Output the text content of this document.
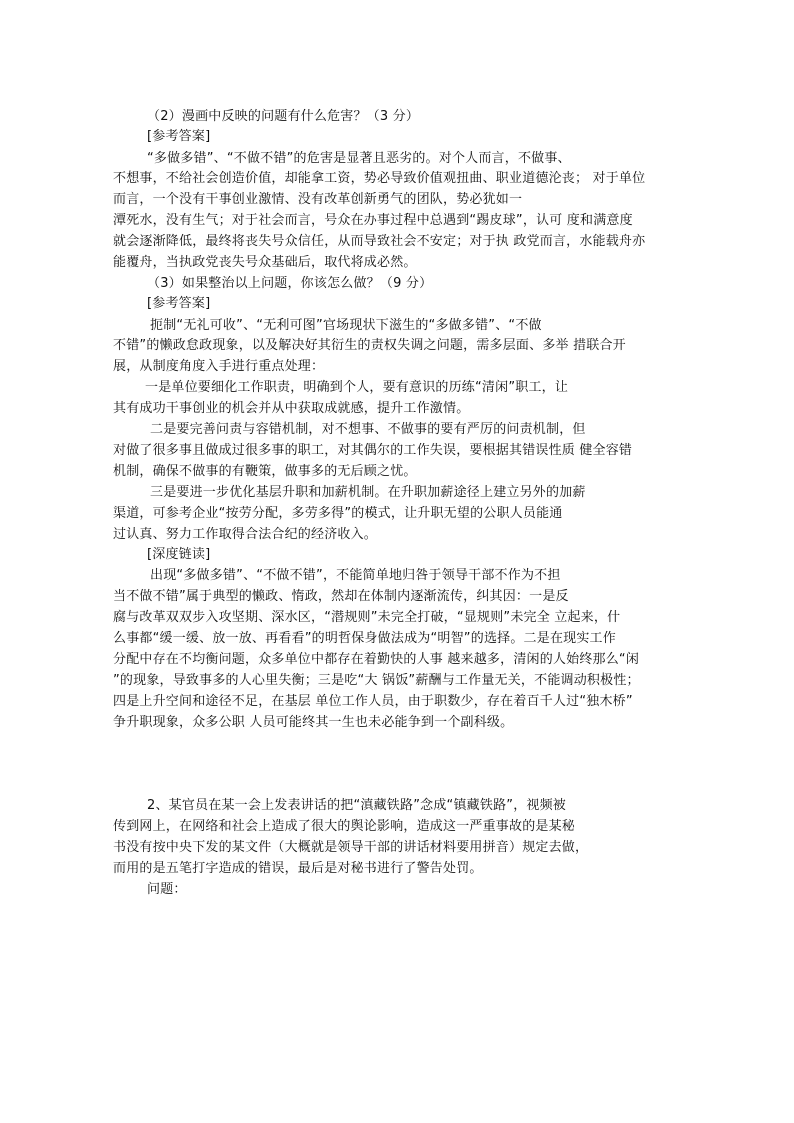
（2）漫画中反映的问题有什么危害？（3 分）
[参考答案]
“多做多错”、“不做不错”的危害是显著且恶劣的。对个人而言，不做事、
不想事，不给社会创造价值，却能拿工资，势必导致价值观扭曲、职业道德沦丧； 对于单位
而言，一个没有干事创业激情、没有改革创新勇气的团队，势必犹如一
潭死水，没有生气；对于社会而言，号众在办事过程中总遇到“踢皮球”，认可 度和满意度
就会逐渐降低，最终将丧失号众信任，从而导致社会不安定；对于执 政党而言，水能载舟亦
能覆舟，当执政党丧失号众基础后，取代将成必然。
（3）如果整治以上问题，你该怎么做？（9 分）
[参考答案]
扼制“无礼可收”、“无利可图”官场现状下滋生的“多做多错”、“不做
不错”的懒政怠政现象，以及解决好其衍生的责权失调之问题，需多层面、多举 措联合开
展，从制度角度入手进行重点处理：
一是单位要细化工作职责，明确到个人，要有意识的历练“清闲”职工，让
其有成功干事创业的机会并从中获取成就感，提升工作激情。
二是要完善问责与容错机制，对不想事、不做事的要有严厉的问责机制，但
对做了很多事且做成过很多事的职工，对其偶尔的工作失误，要根据其错误性质 健全容错
机制，确保不做事的有鞭策，做事多的无后顾之忧。
三是要进一步优化基层升职和加薪机制。在升职加薪途径上建立另外的加薪
渠道，可参考企业“按劳分配，多劳多得”的模式，让升职无望的公职人员能通
过认真、努力工作取得合法合纪的经济收入。
[深度链读]
出现“多做多错”、“不做不错”，不能简单地归咎于领导干部不作为不担
当不做不错”属于典型的懒政、惰政，然却在体制内逐渐流传，纠其因：一是反
腐与改革双双步入攻坚期、深水区，“潜规则”未完全打破，“显规则”未完全 立起来，什
么事都“缓一缓、放一放、再看看”的明哲保身做法成为“明智”的选择。二是在现实工作
分配中存在不均衡问题，众多单位中都存在着勤快的人事 越来越多，清闲的人始终那么“闲
”的现象，导致事多的人心里失衡；三是吃“大 锅饭”薪酬与工作量无关，不能调动积极性；
四是上升空间和途径不足，在基层 单位工作人员，由于职数少，存在着百千人过“独木桥”
争升职现象，众多公职 人员可能终其一生也未必能争到一个副科级。
2、某官员在某一会上发表讲话的把“滇藏铁路”念成“镇藏铁路”，视频被
传到网上，在网络和社会上造成了很大的舆论影响，造成这一严重事故的是某秘
书没有按中央下发的某文件（大概就是领导干部的讲话材料要用拼音）规定去做，
而用的是五笔打字造成的错误，最后是对秘书进行了警告处罚。
问题：
